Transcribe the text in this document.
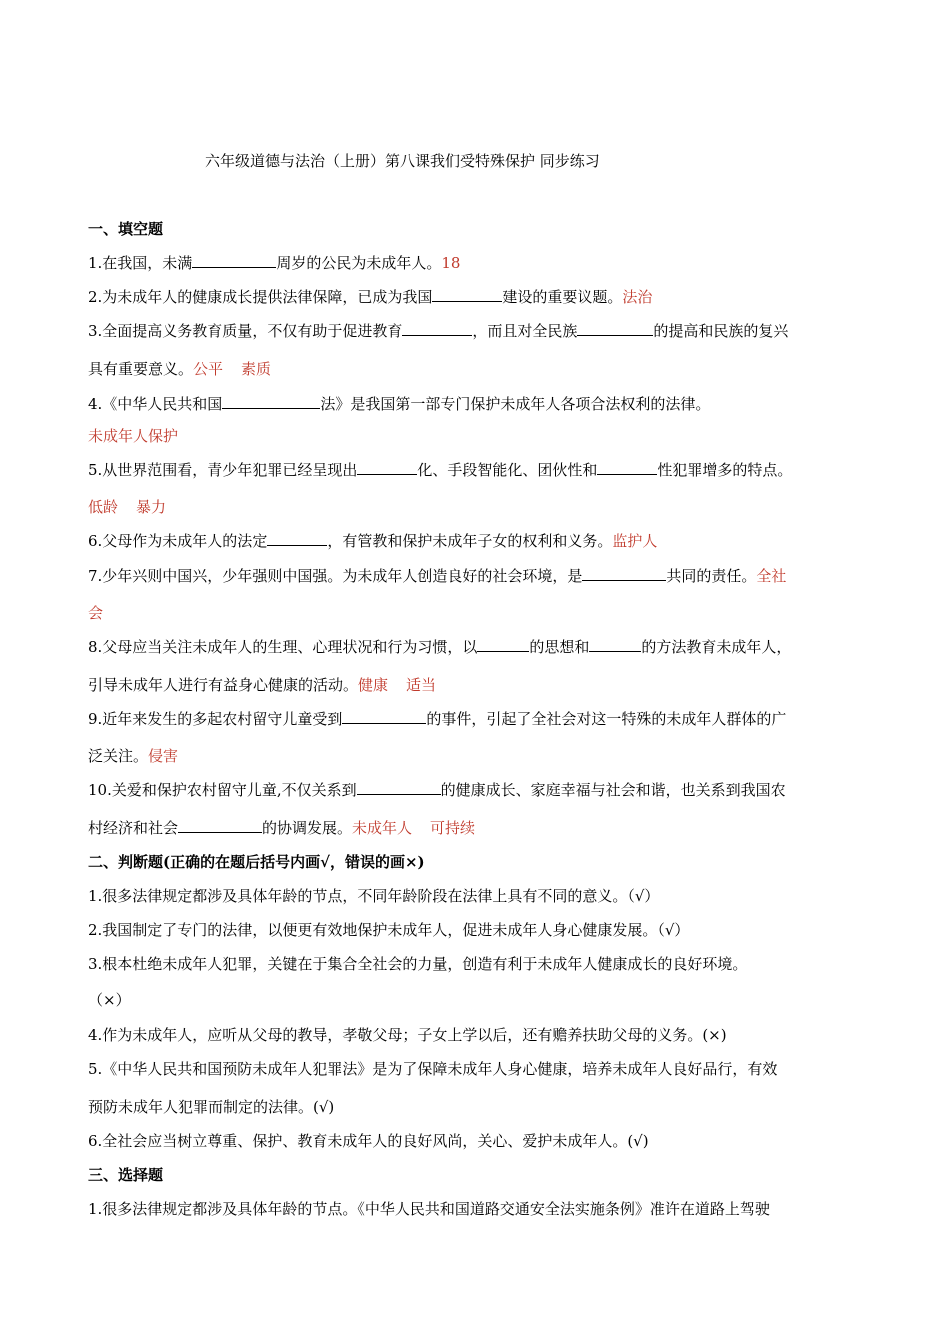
六年级道德与法治（上册）第八课我们受特殊保护 同步练习
一、填空题
1.在我国，未满	周岁的公民为未成年人。18
2.为未成年人的健康成长提供法律保障，已成为我国	建设的重要议题。法治
3.全面提高义务教育质量，不仅有助于促进教育	，而且对全民族	的提高和民族的复兴
具有重要意义。公平 素质
4.《中华人民共和国	法》是我国第一部专门保护未成年人各项合法权利的法律。
未成年人保护
5.从世界范围看，青少年犯罪已经呈现出	化、手段智能化、团伙性和	性犯罪增多的特点。
低龄 暴力
6.父母作为未成年人的法定	，有管教和保护未成年子女的权利和义务。监护人
7.少年兴则中国兴，少年强则中国强。为未成年人创造良好的社会环境，是	共同的责任。全社
会
8.父母应当关注未成年人的生理、心理状况和行为习惯，以	的思想和	的方法教育未成年人，
引导未成年人进行有益身心健康的活动。健康 适当
9.近年来发生的多起农村留守儿童受到	的事件，引起了全社会对这一特殊的未成年人群体的广
泛关注。侵害
10.关爱和保护农村留守儿童,不仅关系到	的健康成长、家庭幸福与社会和谐，也关系到我国农
村经济和社会	的协调发展。未成年人 可持续
二、判断题(正确的在题后括号内画√，错误的画×)
1.很多法律规定都涉及具体年龄的节点，不同年龄阶段在法律上具有不同的意义。（√）
2.我国制定了专门的法律，以便更有效地保护未成年人，促进未成年人身心健康发展。（√）
3.根本杜绝未成年人犯罪，关键在于集合全社会的力量，创造有利于未成年人健康成长的良好环境。
（×）
4.作为未成年人，应听从父母的教导，孝敬父母；子女上学以后，还有赡养扶助父母的义务。(×)
5.《中华人民共和国预防未成年人犯罪法》是为了保障未成年人身心健康，培养未成年人良好品行，有效
预防未成年人犯罪而制定的法律。(√)
6.全社会应当树立尊重、保护、教育未成年人的良好风尚，关心、爱护未成年人。(√)
三、选择题
1.很多法律规定都涉及具体年龄的节点。《中华人民共和国道路交通安全法实施条例》准许在道路上驾驶
